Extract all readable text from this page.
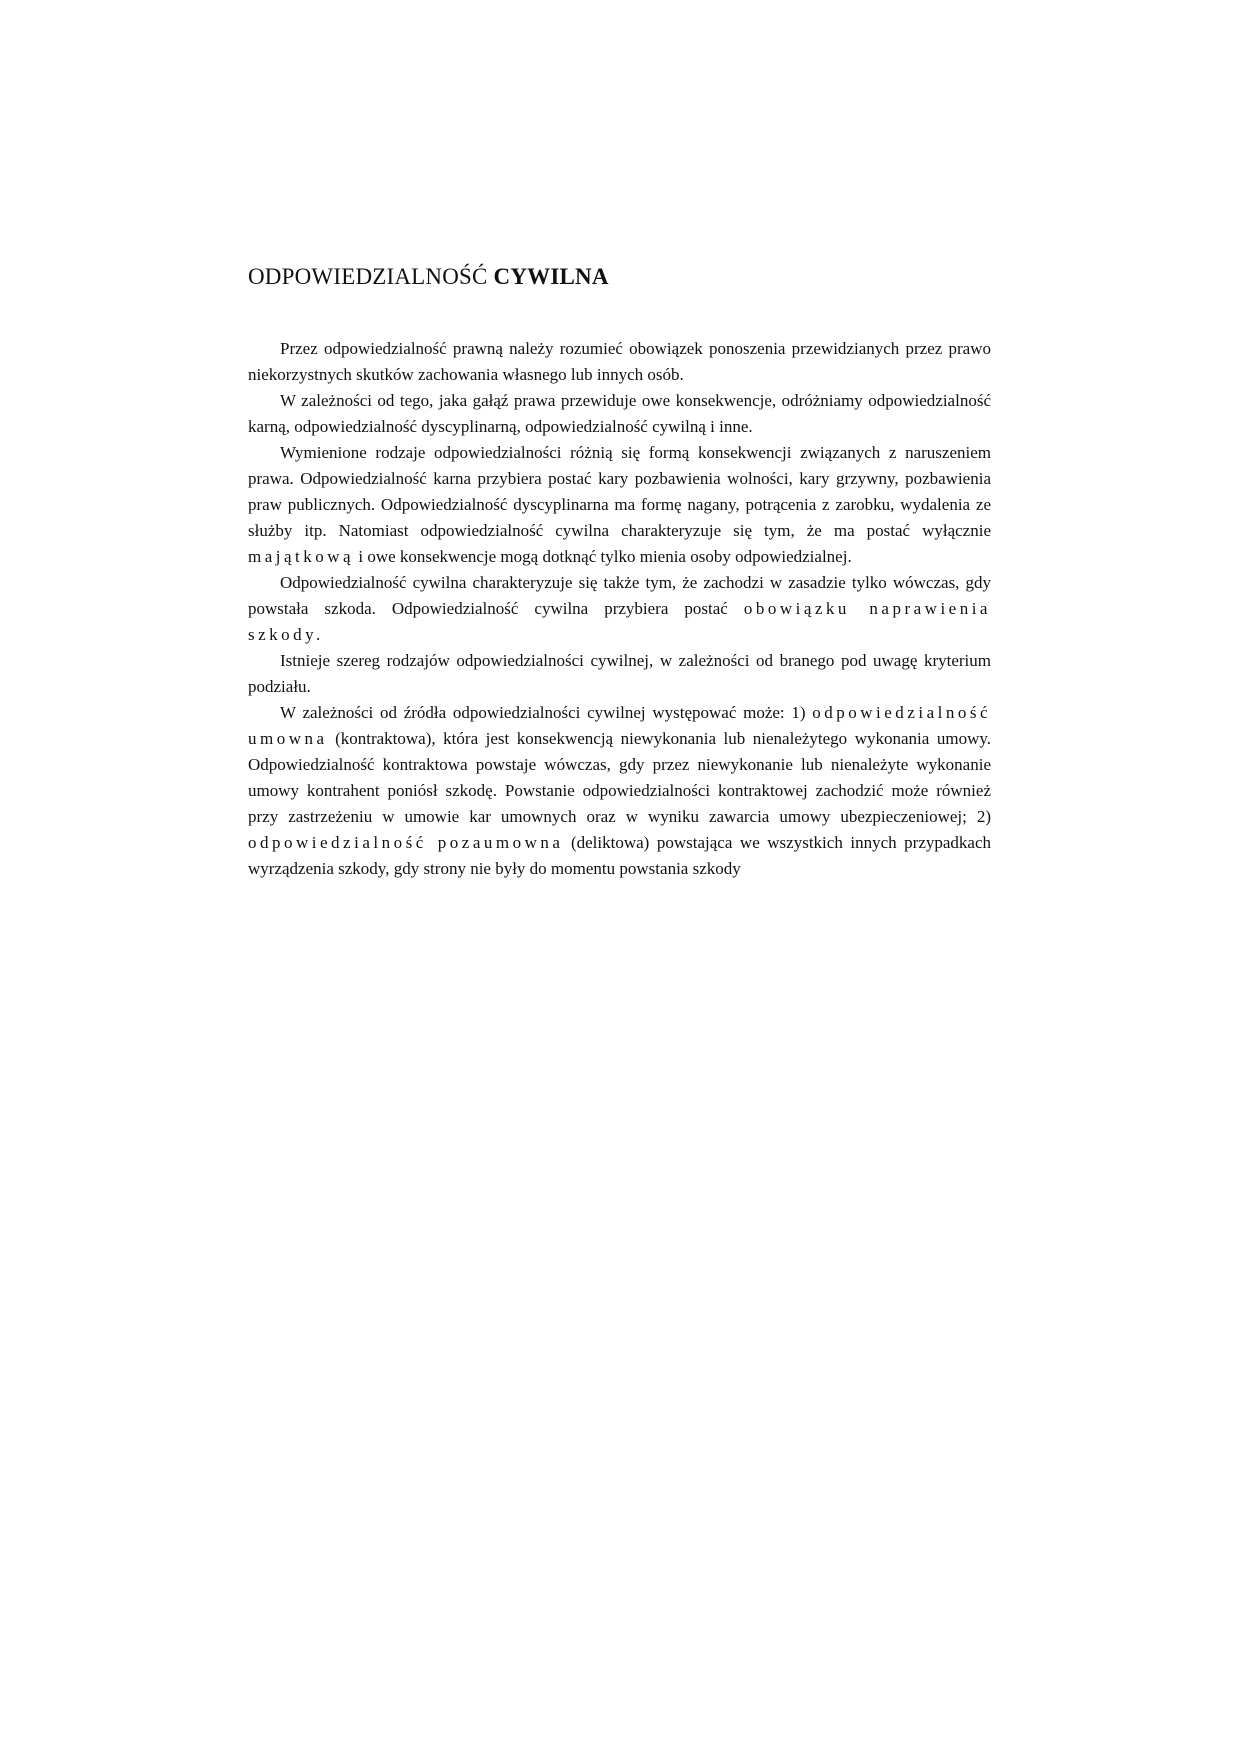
ODPOWIEDZIALNOŚĆ CYWILNA

Przez odpowiedzialność prawną należy rozumieć obowiązek ponoszenia przewidzianych przez prawo niekorzystnych skutków zachowania własnego lub innych osób.

W zależności od tego, jaka gałąź prawa przewiduje owe konsekwencje, odróżniamy odpowiedzialność karną, odpowiedzialność dyscyplinarną, odpowiedzialność cywilną i inne.

Wymienione rodzaje odpowiedzialności różnią się formą konsekwencji związanych z naruszeniem prawa. Odpowiedzialność karna przybiera postać kary pozbawienia wolności, kary grzywny, pozbawienia praw publicznych. Odpowiedzialność dyscyplinarna ma formę nagany, potrącenia z zarobku, wydalenia ze służby itp. Natomiast odpowiedzialność cywilna charakteryzuje się tym, że ma postać wyłącznie majątkową i owe konsekwencje mogą dotknąć tylko mienia osoby odpowiedzialnej.

Odpowiedzialność cywilna charakteryzuje się także tym, że zachodzi w zasadzie tylko wówczas, gdy powstała szkoda. Odpowiedzialność cywilna przybiera postać obowiązku naprawienia szkody.

Istnieje szereg rodzajów odpowiedzialności cywilnej, w zależności od branego pod uwagę kryterium podziału.

W zależności od źródła odpowiedzialności cywilnej występować może: 1) odpowiedzialność umowna (kontraktowa), która jest konsekwencją niewykonania lub nienależytego wykonania umowy. Odpowiedzialność kontraktowa powstaje wówczas, gdy przez niewykonanie lub nienależyte wykonanie umowy kontrahent poniósł szkodę. Powstanie odpowiedzialności kontraktowej zachodzić może również przy zastrzeżeniu w umowie kar umownych oraz w wyniku zawarcia umowy ubezpieczeniowej; 2) odpowiedzialność pozaumowna (deliktowa) powstająca we wszystkich innych przypadkach wyrządzenia szkody, gdy strony nie były do momentu powstania szkody
